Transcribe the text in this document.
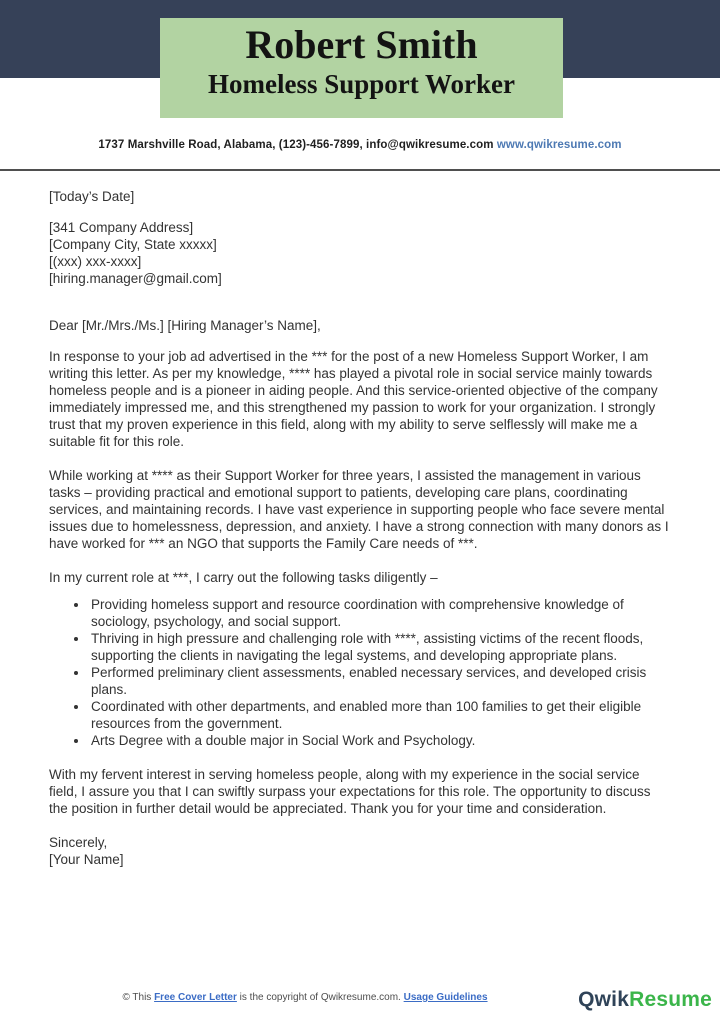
Robert Smith
Homeless Support Worker
1737 Marshville Road, Alabama, (123)-456-7899, info@qwikresume.com www.qwikresume.com

[Today’s Date]

[341 Company Address]
[Company City, State xxxxx]
[(xxx) xxx-xxxx]
[hiring.manager@gmail.com]

Dear [Mr./Mrs./Ms.] [Hiring Manager’s Name],

In response to your job ad advertised in the *** for the post of a new Homeless Support Worker, I am writing this letter. As per my knowledge, **** has played a pivotal role in social service mainly towards homeless people and is a pioneer in aiding people. And this service-oriented objective of the company immediately impressed me, and this strengthened my passion to work for your organization. I strongly trust that my proven experience in this field, along with my ability to serve selflessly will make me a suitable fit for this role.

While working at **** as their Support Worker for three years, I assisted the management in various tasks – providing practical and emotional support to patients, developing care plans, coordinating services, and maintaining records. I have vast experience in supporting people who face severe mental issues due to homelessness, depression, and anxiety. I have a strong connection with many donors as I have worked for *** an NGO that supports the Family Care needs of ***.

In my current role at ***, I carry out the following tasks diligently –

• Providing homeless support and resource coordination with comprehensive knowledge of sociology, psychology, and social support.
• Thriving in high pressure and challenging role with ****, assisting victims of the recent floods, supporting the clients in navigating the legal systems, and developing appropriate plans.
• Performed preliminary client assessments, enabled necessary services, and developed crisis plans.
• Coordinated with other departments, and enabled more than 100 families to get their eligible resources from the government.
• Arts Degree with a double major in Social Work and Psychology.

With my fervent interest in serving homeless people, along with my experience in the social service field, I assure you that I can swiftly surpass your expectations for this role. The opportunity to discuss the position in further detail would be appreciated. Thank you for your time and consideration.

Sincerely,
[Your Name]
© This Free Cover Letter is the copyright of Qwikresume.com. Usage Guidelines	QwikResume
